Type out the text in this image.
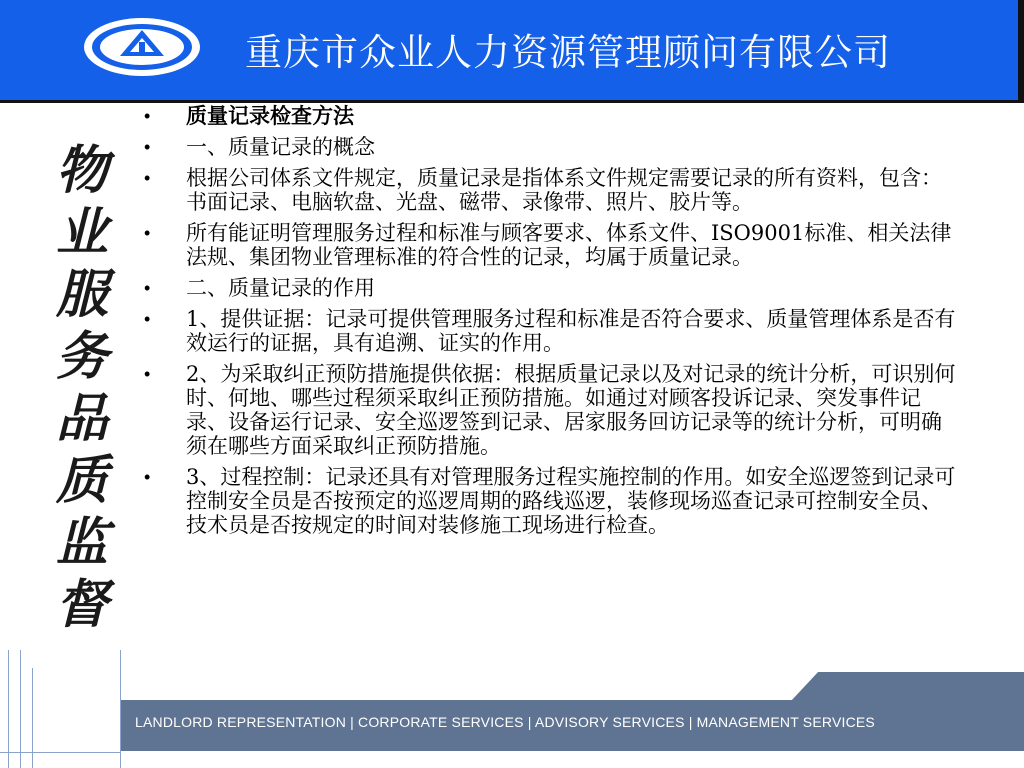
重庆市众业人力资源管理顾问有限公司
物
业
服
务
品
质
监
督
• 质量记录检查方法
• 一、质量记录的概念
• 根据公司体系文件规定，质量记录是指体系文件规定需要记录的所有资料，包含：书面记录、电脑软盘、光盘、磁带、录像带、照片、胶片等。
• 所有能证明管理服务过程和标准与顾客要求、体系文件、ISO9001标准、相关法律法规、集团物业管理标准的符合性的记录，均属于质量记录。
• 二、质量记录的作用
• 1、提供证据：记录可提供管理服务过程和标准是否符合要求、质量管理体系是否有效运行的证据，具有追溯、证实的作用。
• 2、为采取纠正预防措施提供依据：根据质量记录以及对记录的统计分析，可识别何时、何地、哪些过程须采取纠正预防措施。如通过对顾客投诉记录、突发事件记录、设备运行记录、安全巡逻签到记录、居家服务回访记录等的统计分析，可明确须在哪些方面采取纠正预防措施。
• 3、过程控制：记录还具有对管理服务过程实施控制的作用。如安全巡逻签到记录可控制安全员是否按预定的巡逻周期的路线巡逻，装修现场巡查记录可控制安全员、技术员是否按规定的时间对装修施工现场进行检查。
LANDLORD REPRESENTATION | CORPORATE SERVICES | ADVISORY SERVICES | MANAGEMENT SERVICES
